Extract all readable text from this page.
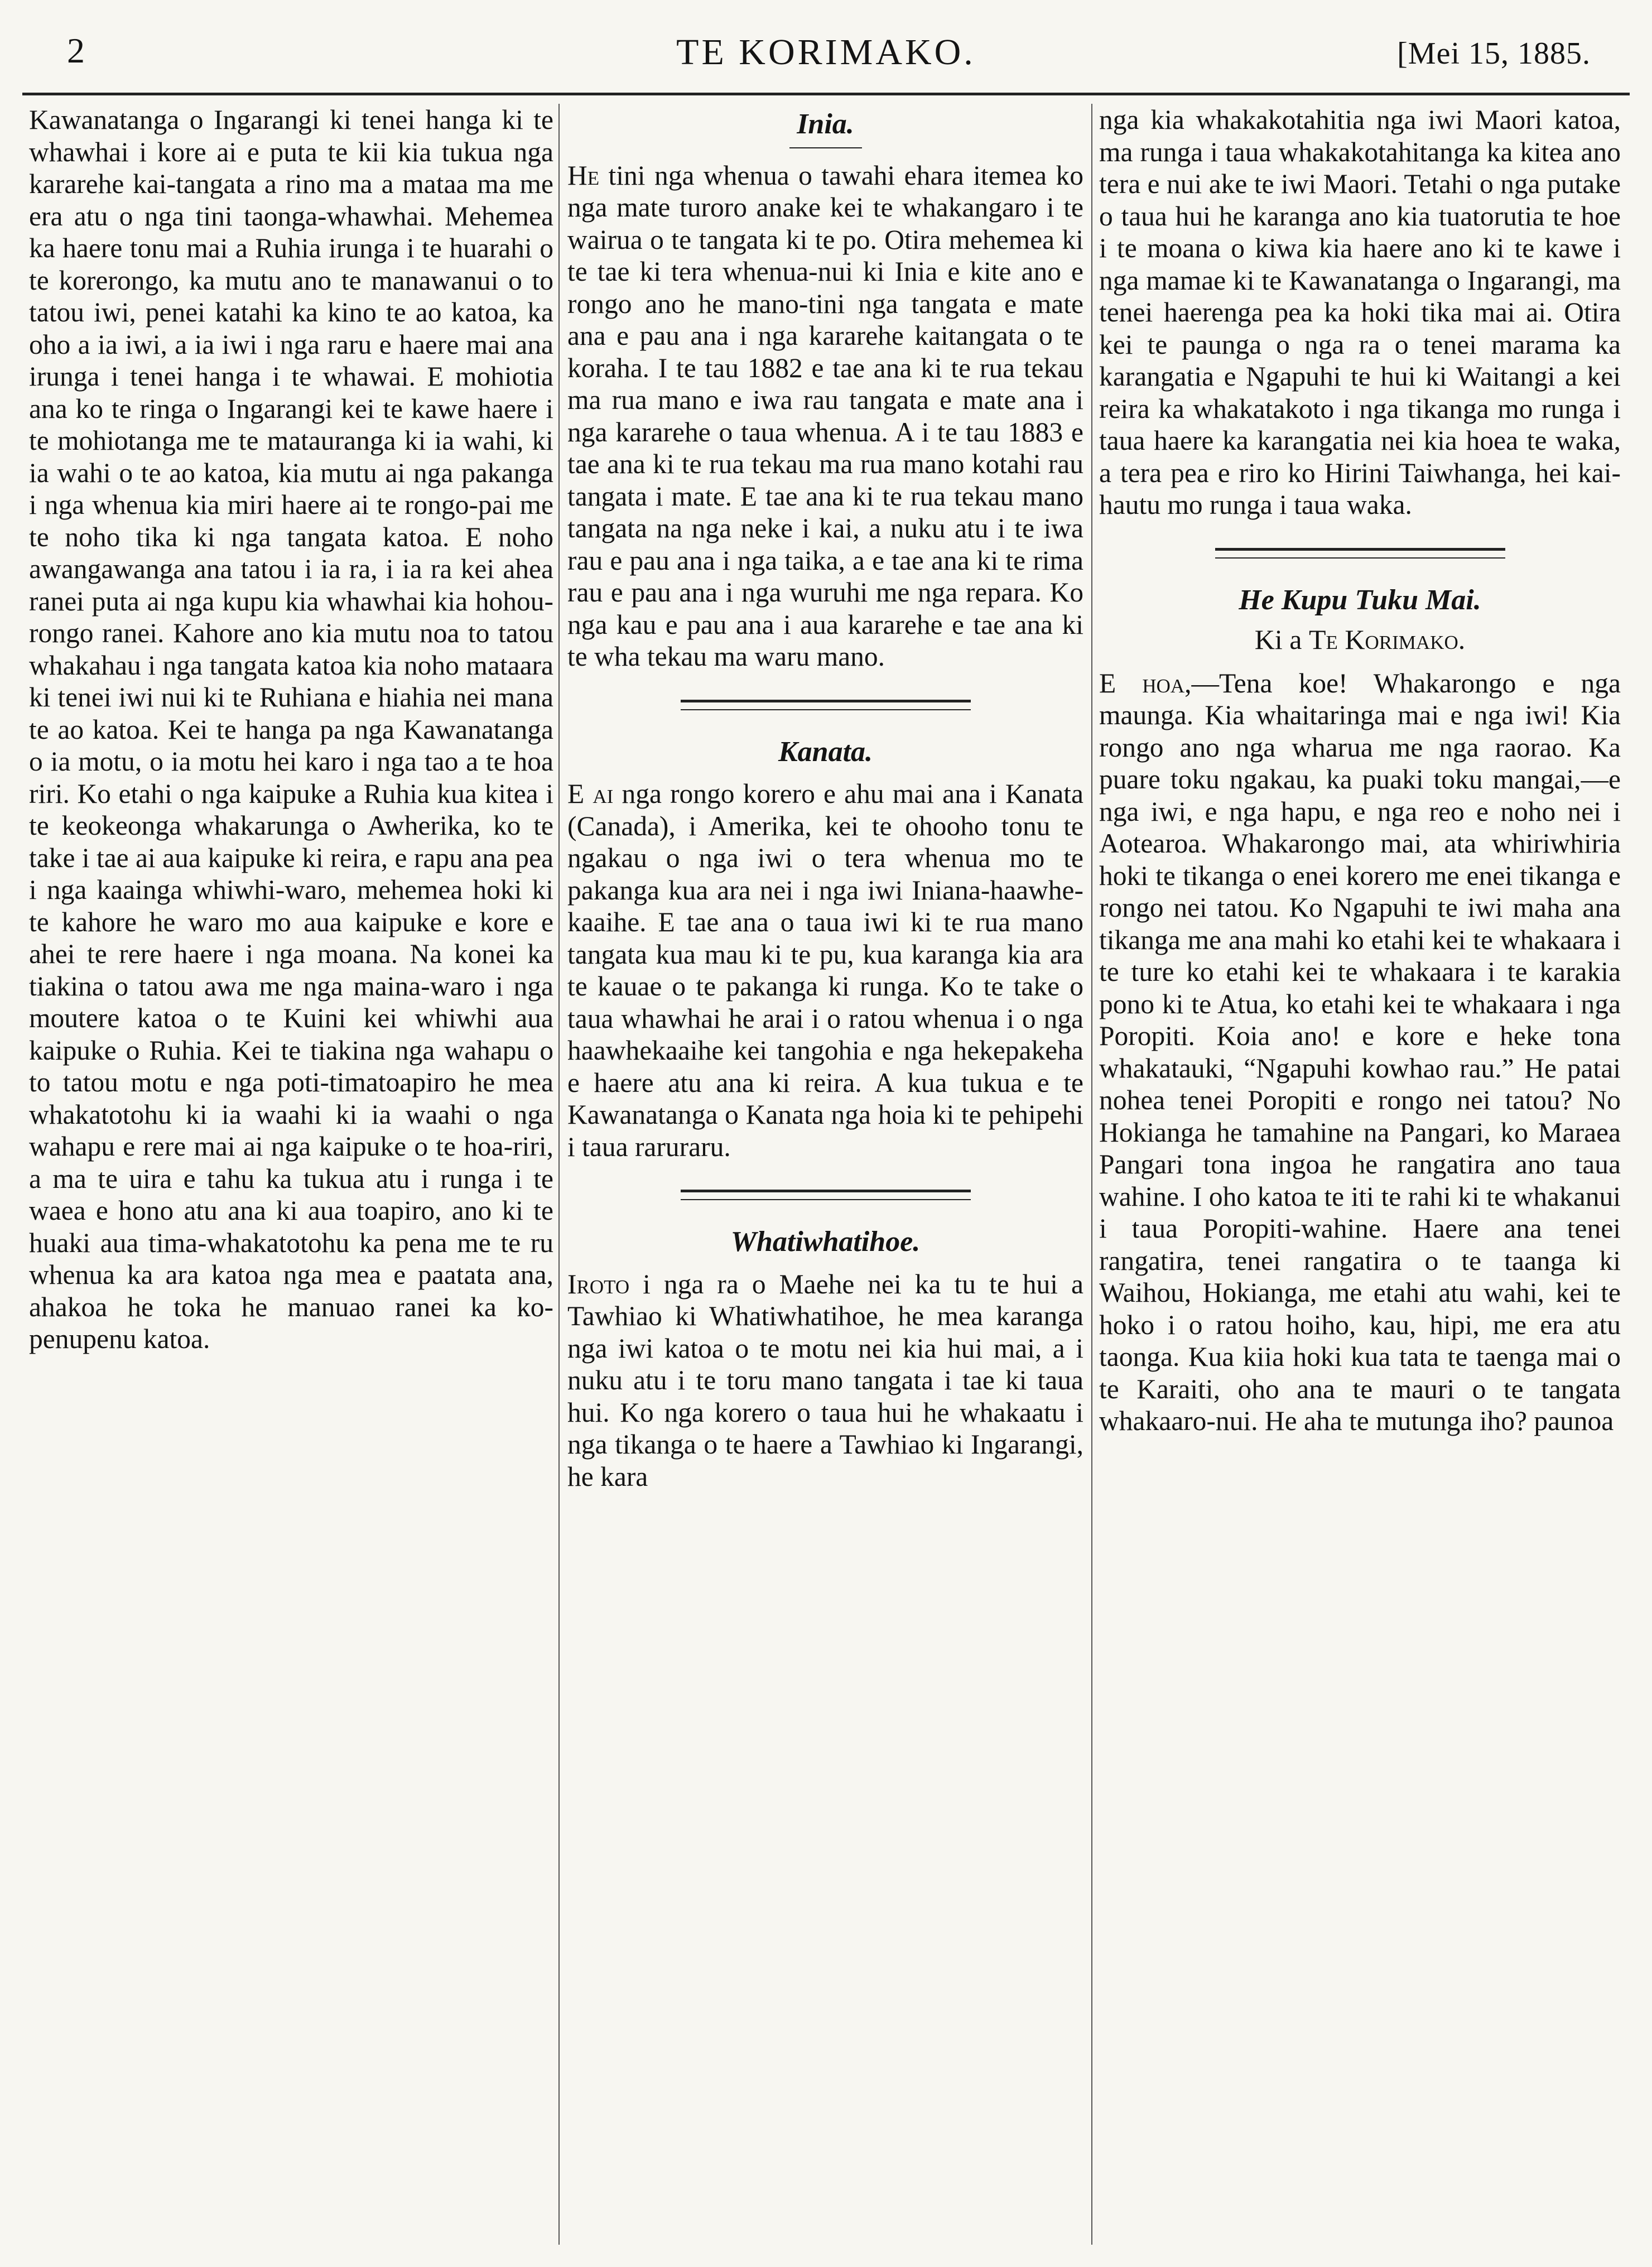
2	TE KORIMAKO.	[Mei 15, 1885.

Kawanatanga o Ingarangi ki tenei hanga ki te whawhai i kore ai e puta te kii kia tukua nga kararehe kai-tangata a rino ma a mataa ma me era atu o nga tini taonga-whawhai. Mehemea ka haere tonu mai a Ruhia irunga i te huarahi o te korerongo, ka mutu ano te manawanui o to tatou iwi, penei katahi ka kino te ao katoa, ka oho a ia iwi, a ia iwi i nga raru e haere mai ana irunga i tenei hanga i te whawai. E mohiotia ana ko te ringa o Ingarangi kei te kawe haere i te mohiotanga me te matauranga ki ia wahi, ki ia wahi o te ao katoa, kia mutu ai nga pakanga i nga whenua kia miri haere ai te rongo-pai me te noho tika ki nga tangata katoa. E noho awangawanga ana tatou i ia ra, i ia ra kei ahea ranei puta ai nga kupu kia whawhai kia hohou-rongo ranei. Kahore ano kia mutu noa to tatou whakahau i nga tangata katoa kia noho mataara ki tenei iwi nui ki te Ruhiana e hiahia nei mana te ao katoa. Kei te hanga pa nga Kawanatanga o ia motu, o ia motu hei karo i nga tao a te hoa riri. Ko etahi o nga kaipuke a Ruhia kua kitea i te keokeonga whakarunga o Awherika, ko te take i tae ai aua kaipuke ki reira, e rapu ana pea i nga kaainga whiwhi-waro, mehemea hoki ki te kahore he waro mo aua kaipuke e kore e ahei te rere haere i nga moana. Na konei ka tiakina o tatou awa me nga maina-waro i nga moutere katoa o te Kuini kei whiwhi aua kaipuke o Ruhia. Kei te tiakina nga wahapu o to tatou motu e nga poti-timatoapiro he mea whakatotohu ki ia waahi ki ia waahi o nga wahapu e rere mai ai nga kaipuke o te hoa-riri, a ma te uira e tahu ka tukua atu i runga i te waea e hono atu ana ki aua toapiro, ano ki te huaki aua tima-whakatotohu ka pena me te ru whenua ka ara katoa nga mea e paatata ana, ahakoa he toka he manuao ranei ka kopenupenu katoa.

Inia.

He tini nga whenua o tawahi ehara itemea ko nga mate turoro anake kei te whakangaro i te wairua o te tangata ki te po. Otira mehemea ki te tae ki tera whenua-nui ki Inia e kite ano e rongo ano he mano-tini nga tangata e mate ana e pau ana i nga kararehe kaitangata o te koraha. I te tau 1882 e tae ana ki te rua tekau ma rua mano e iwa rau tangata e mate ana i nga kararehe o taua whenua. A i te tau 1883 e tae ana ki te rua tekau ma rua mano kotahi rau tangata i mate. E tae ana ki te rua tekau mano tangata na nga neke i kai, a nuku atu i te iwa rau e pau ana i nga taika, a e tae ana ki te rima rau e pau ana i nga wuruhi me nga repara. Ko nga kau e pau ana i aua kararehe e tae ana ki te wha tekau ma waru mano.

Kanata.

E ai nga rongo korero e ahu mai ana i Kanata (Canada), i Amerika, kei te ohooho tonu te ngakau o nga iwi o tera whenua mo te pakanga kua ara nei i nga iwi Iniana-haawhe-kaaihe. E tae ana o taua iwi ki te rua mano tangata kua mau ki te pu, kua karanga kia ara te kauae o te pakanga ki runga. Ko te take o taua whawhai he arai i o ratou whenua i o nga haawhekaaihe kei tangohia e nga hekepakeha e haere atu ana ki reira. A kua tukua e te Kawanatanga o Kanata nga hoia ki te pehipehi i taua raruraru.

Whatiwhatihoe.

Iroto i nga ra o Maehe nei ka tu te hui a Tawhiao ki Whatiwhatihoe, he mea karanga nga iwi katoa o te motu nei kia hui mai, a i nuku atu i te toru mano tangata i tae ki taua hui. Ko nga korero o taua hui he whakaatu i nga tikanga o te haere a Tawhiao ki Ingarangi, he kara

nga kia whakakotahitia nga iwi Maori katoa, ma runga i taua whakakotahitanga ka kitea ano tera e nui ake te iwi Maori. Tetahi o nga putake o taua hui he karanga ano kia tuatorutia te hoe i te moana o kiwa kia haere ano ki te kawe i nga mamae ki te Kawanatanga o Ingarangi, ma tenei haerenga pea ka hoki tika mai ai. Otira kei te paunga o nga ra o tenei marama ka karangatia e Ngapuhi te hui ki Waitangi a kei reira ka whakatakoto i nga tikanga mo runga i taua haere ka karangatia nei kia hoea te waka, a tera pea e riro ko Hirini Taiwhanga, hei kaihautu mo runga i taua waka.

He Kupu Tuku Mai.
Ki a Te Korimako.

E hoa,—Tena koe! Whakarongo e nga maunga. Kia whaitaringa mai e nga iwi! Kia rongo ano nga wharua me nga raorao. Ka puare toku ngakau, ka puaki toku mangai,—e nga iwi, e nga hapu, e nga reo e noho nei i Aotearoa. Whakarongo mai, ata whiriwhiria hoki te tikanga o enei korero me enei tikanga e rongo nei tatou. Ko Ngapuhi te iwi maha ana tikanga me ana mahi ko etahi kei te whakaara i te ture ko etahi kei te whakaara i te karakia pono ki te Atua, ko etahi kei te whakaara i nga Poropiti. Koia ano! e kore e heke tona whakatauki, “Ngapuhi kowhao rau.” He patai nohea tenei Poropiti e rongo nei tatou? No Hokianga he tamahine na Pangari, ko Maraea Pangari tona ingoa he rangatira ano taua wahine. I oho katoa te iti te rahi ki te whakanui i taua Poropiti-wahine. Haere ana tenei rangatira, tenei rangatira o te taanga ki Waihou, Hokianga, me etahi atu wahi, kei te hoko i o ratou hoiho, kau, hipi, me era atu taonga. Kua kiia hoki kua tata te taenga mai o te Karaiti, oho ana te mauri o te tangata whakaaro-nui. He aha te mutunga iho? paunoa
